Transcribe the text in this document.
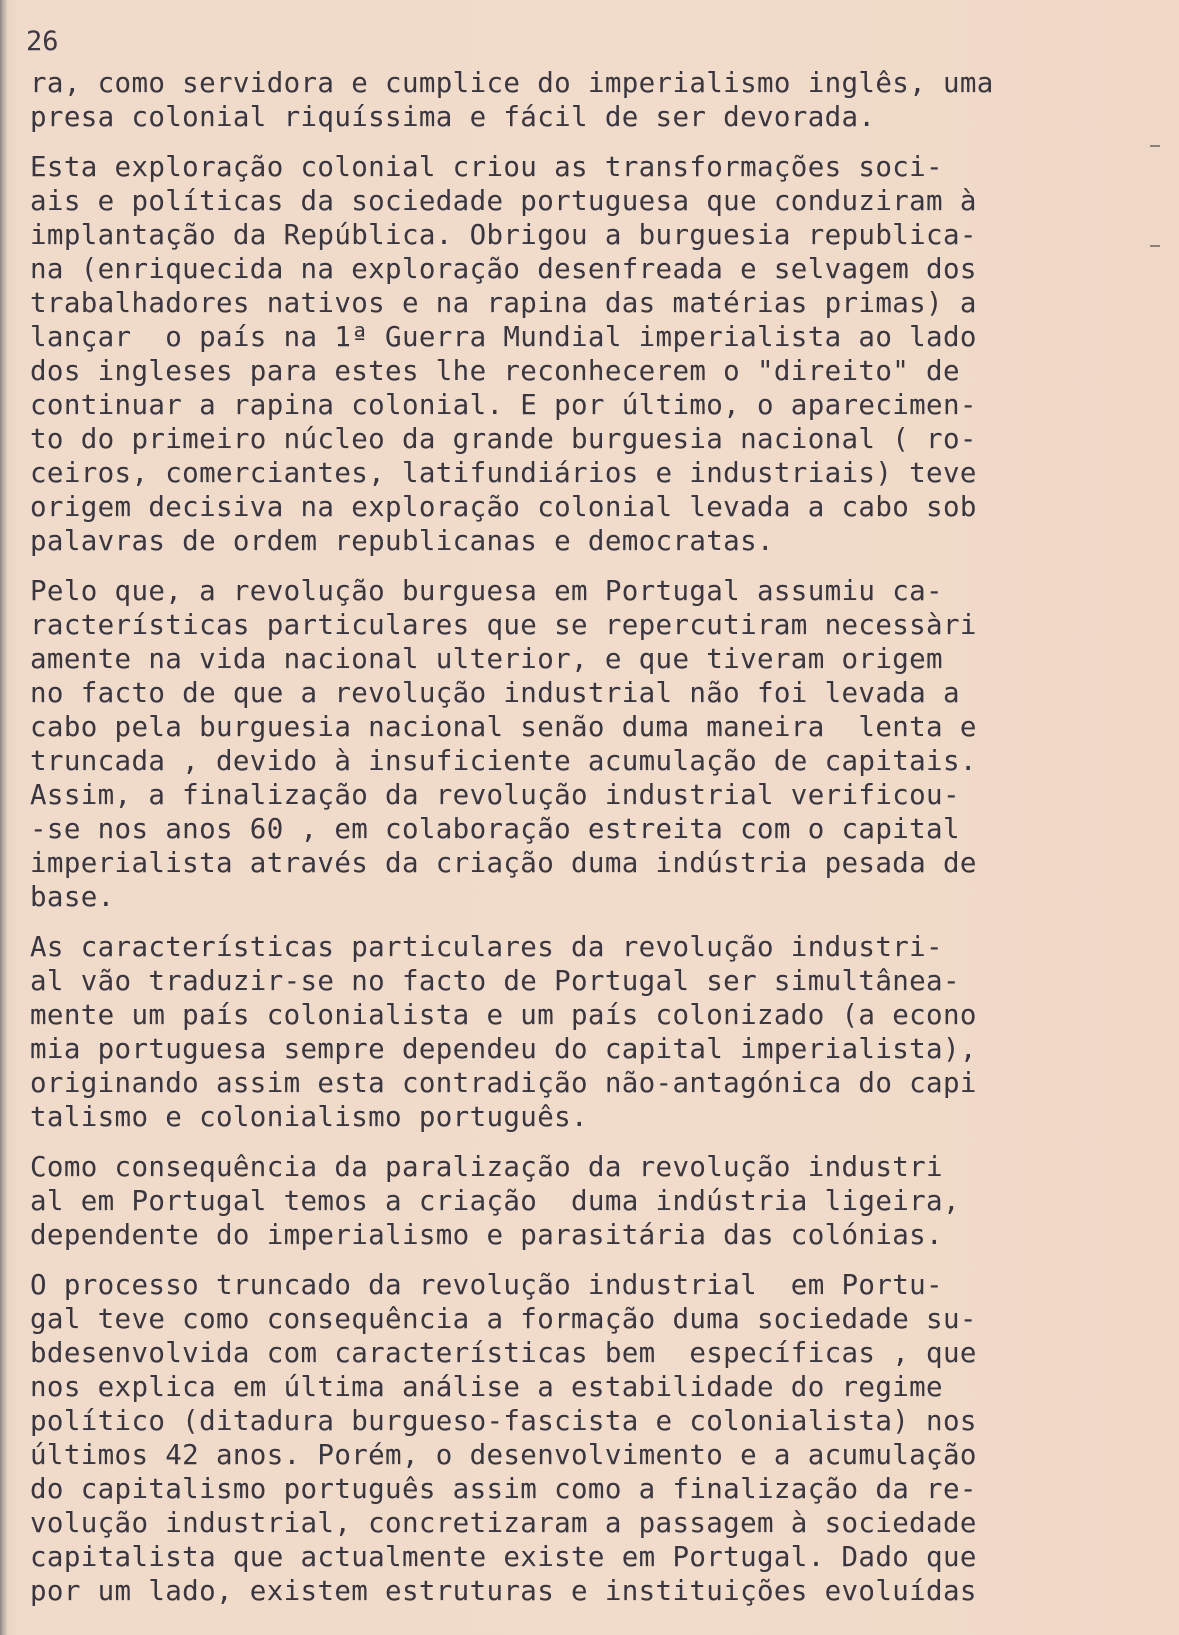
26
ra, como servidora e cumplice do imperialismo inglês, uma
presa colonial riquíssima e fácil de ser devorada.
Esta exploração colonial criou as transformações soci-
ais e políticas da sociedade portuguesa que conduziram à
implantação da República. Obrigou a burguesia republica-
na (enriquecida na exploração desenfreada e selvagem dos
trabalhadores nativos e na rapina das matérias primas) a
lançar  o país na 1ª Guerra Mundial imperialista ao lado
dos ingleses para estes lhe reconhecerem o "direito" de
continuar a rapina colonial. E por último, o aparecimen-
to do primeiro núcleo da grande burguesia nacional ( ro-
ceiros, comerciantes, latifundiários e industriais) teve
origem decisiva na exploração colonial levada a cabo sob
palavras de ordem republicanas e democratas.
Pelo que, a revolução burguesa em Portugal assumiu ca-
racterísticas particulares que se repercutiram necessàri
amente na vida nacional ulterior, e que tiveram origem
no facto de que a revolução industrial não foi levada a
cabo pela burguesia nacional senão duma maneira  lenta e
truncada , devido à insuficiente acumulação de capitais.
Assim, a finalização da revolução industrial verificou-
-se nos anos 60 , em colaboração estreita com o capital
imperialista através da criação duma indústria pesada de
base.
As características particulares da revolução industri-
al vão traduzir-se no facto de Portugal ser simultânea-
mente um país colonialista e um país colonizado (a econo
mia portuguesa sempre dependeu do capital imperialista),
originando assim esta contradição não-antagónica do capi
talismo e colonialismo português.
Como consequência da paralização da revolução industri
al em Portugal temos a criação  duma indústria ligeira,
dependente do imperialismo e parasitária das colónias.
O processo truncado da revolução industrial  em Portu-
gal teve como consequência a formação duma sociedade su-
bdesenvolvida com características bem  específicas , que
nos explica em última análise a estabilidade do regime
político (ditadura burgueso-fascista e colonialista) nos
últimos 42 anos. Porém, o desenvolvimento e a acumulação
do capitalismo português assim como a finalização da re-
volução industrial, concretizaram a passagem à sociedade
capitalista que actualmente existe em Portugal. Dado que
por um lado, existem estruturas e instituições evoluídas
